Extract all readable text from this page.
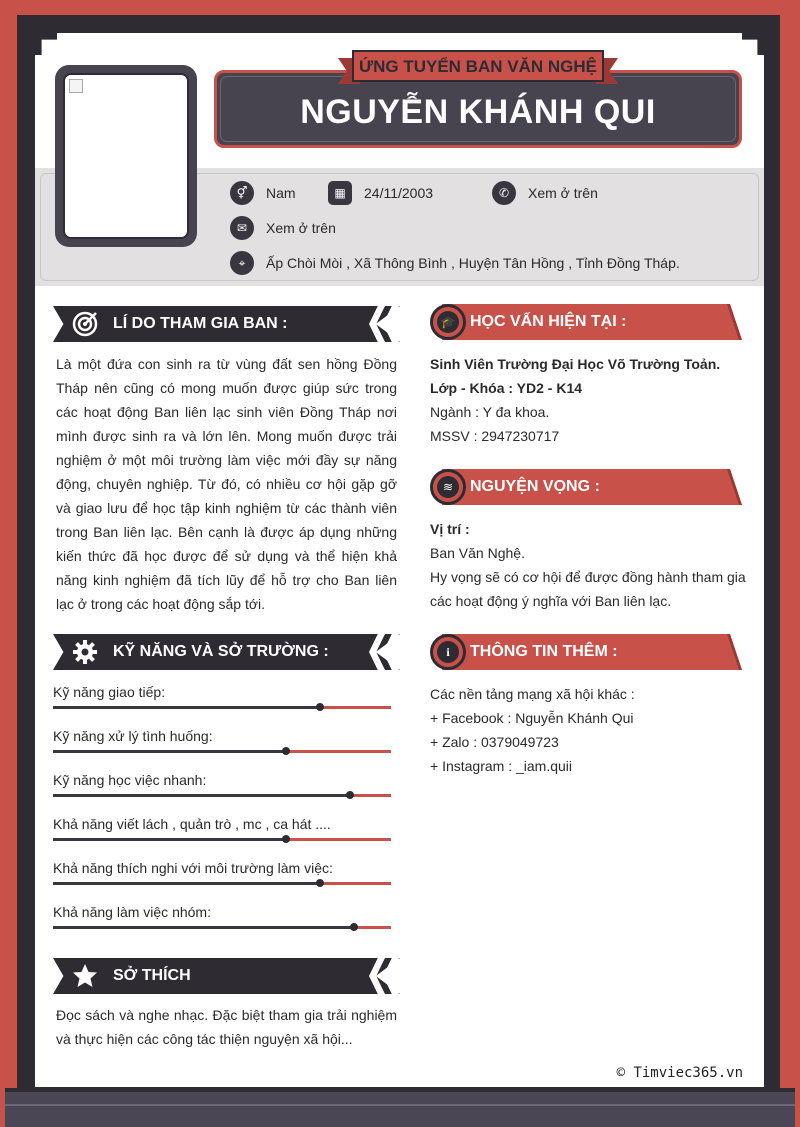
NGUYỄN KHÁNH QUI
ỨNG TUYỂN BAN VĂN NGHỆ
⚥	Nam	▦	24/11/2003	✆	Xem ở trên
✉	Xem ở trên
⌖	Ấp Chòi Mòi , Xã Thông Bình , Huyện Tân Hồng , Tỉnh Đồng Tháp.
LÍ DO THAM GIA BAN :
Là một đứa con sinh ra từ vùng đất sen hồng Đồng Tháp nên cũng có mong muốn được giúp sức trong các hoạt động Ban liên lạc sinh viên Đồng Tháp nơi mình được sinh ra và lớn lên. Mong muốn được trải nghiệm ở một môi trường làm việc mới đầy sự năng động, chuyên nghiệp. Từ đó, có nhiều cơ hội gặp gỡ và giao lưu để học tập kinh nghiệm từ các thành viên trong Ban liên lạc. Bên cạnh là được áp dụng những kiến thức đã học được để sử dụng và thể hiện khả năng kinh nghiệm đã tích lũy để hỗ trợ cho Ban liên lạc ở trong các hoạt động sắp tới.
KỸ NĂNG VÀ SỞ TRƯỜNG :
Kỹ năng giao tiếp:
Kỹ năng xử lý tình huống:
Kỹ năng học việc nhanh:
Khả năng viết lách , quản trò , mc , ca hát ....
Khả năng thích nghi với môi trường làm việc:
Khả năng làm việc nhóm:
SỞ THÍCH
Đọc sách và nghe nhạc. Đặc biệt tham gia trải nghiệm và thực hiện các công tác thiện nguyện xã hội...
🎓 HỌC VẤN HIỆN TẠI :
Sinh Viên Trường Đại Học Võ Trường Toản.
Lớp - Khóa : YD2 - K14
Ngành : Y đa khoa.
MSSV : 2947230717
≋	NGUYỆN VỌNG :
Vị trí :
Ban Văn Nghệ.
Hy vọng sẽ có cơ hội để được đồng hành tham gia các hoạt động ý nghĩa với Ban liên lạc.
i	THÔNG TIN THÊM :
Các nền tảng mạng xã hội khác :
+ Facebook : Nguyễn Khánh Qui
+ Zalo : 0379049723
+ Instagram : _iam.quii
© Timviec365.vn
